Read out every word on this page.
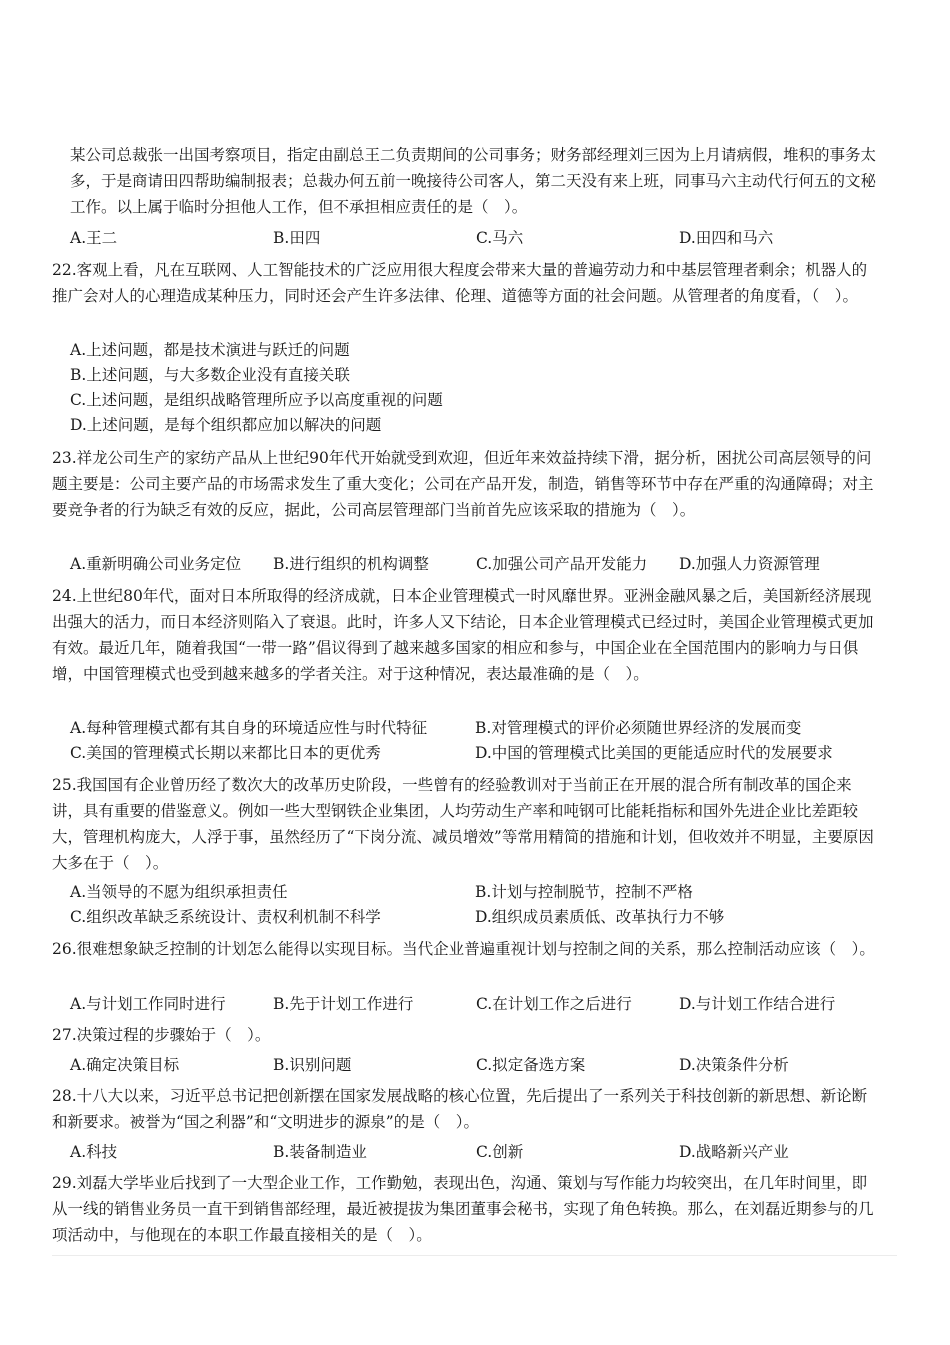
某公司总裁张一出国考察项目，指定由副总王二负责期间的公司事务；财务部经理刘三因为上月请病假，堆积的事务太多，于是商请田四帮助编制报表；总裁办何五前一晚接待公司客人，第二天没有来上班，同事马六主动代行何五的文秘工作。以上属于临时分担他人工作，但不承担相应责任的是（　）。
A.王二	B.田四	C.马六	D.田四和马六
22.客观上看，凡在互联网、人工智能技术的广泛应用很大程度会带来大量的普遍劳动力和中基层管理者剩余；机器人的推广会对人的心理造成某种压力，同时还会产生许多法律、伦理、道德等方面的社会问题。从管理者的角度看，（　）。
A.上述问题，都是技术演进与跃迁的问题
B.上述问题，与大多数企业没有直接关联
C.上述问题，是组织战略管理所应予以高度重视的问题
D.上述问题，是每个组织都应加以解决的问题
23.祥龙公司生产的家纺产品从上世纪90年代开始就受到欢迎，但近年来效益持续下滑，据分析，困扰公司高层领导的问题主要是：公司主要产品的市场需求发生了重大变化；公司在产品开发，制造，销售等环节中存在严重的沟通障碍；对主要竞争者的行为缺乏有效的反应，据此，公司高层管理部门当前首先应该采取的措施为（　）。
A.重新明确公司业务定位	B.进行组织的机构调整	C.加强公司产品开发能力	D.加强人力资源管理
24.上世纪80年代，面对日本所取得的经济成就，日本企业管理模式一时风靡世界。亚洲金融风暴之后，美国新经济展现出强大的活力，而日本经济则陷入了衰退。此时，许多人又下结论，日本企业管理模式已经过时，美国企业管理模式更加有效。最近几年，随着我国“一带一路”倡议得到了越来越多国家的相应和参与，中国企业在全国范围内的影响力与日俱增，中国管理模式也受到越来越多的学者关注。对于这种情况，表达最准确的是（　）。
A.每种管理模式都有其自身的环境适应性与时代特征	B.对管理模式的评价必须随世界经济的发展而变
C.美国的管理模式长期以来都比日本的更优秀	D.中国的管理模式比美国的更能适应时代的发展要求
25.我国国有企业曾历经了数次大的改革历史阶段，一些曾有的经验教训对于当前正在开展的混合所有制改革的国企来讲，具有重要的借鉴意义。例如一些大型钢铁企业集团，人均劳动生产率和吨钢可比能耗指标和国外先进企业比差距较大，管理机构庞大，人浮于事，虽然经历了“下岗分流、减员增效”等常用精简的措施和计划，但收效并不明显，主要原因大多在于（　）。
A.当领导的不愿为组织承担责任	B.计划与控制脱节，控制不严格
C.组织改革缺乏系统设计、责权利机制不科学	D.组织成员素质低、改革执行力不够
26.很难想象缺乏控制的计划怎么能得以实现目标。当代企业普遍重视计划与控制之间的关系，那么控制活动应该（　）。
A.与计划工作同时进行	B.先于计划工作进行	C.在计划工作之后进行	D.与计划工作结合进行
27.决策过程的步骤始于（　）。
A.确定决策目标	B.识别问题	C.拟定备选方案	D.决策条件分析
28.十八大以来，习近平总书记把创新摆在国家发展战略的核心位置，先后提出了一系列关于科技创新的新思想、新论断和新要求。被誉为“国之利器”和“文明进步的源泉”的是（　）。
A.科技	B.装备制造业	C.创新	D.战略新兴产业
29.刘磊大学毕业后找到了一大型企业工作，工作勤勉，表现出色，沟通、策划与写作能力均较突出，在几年时间里，即从一线的销售业务员一直干到销售部经理，最近被提拔为集团董事会秘书，实现了角色转换。那么，在刘磊近期参与的几项活动中，与他现在的本职工作最直接相关的是（　）。
